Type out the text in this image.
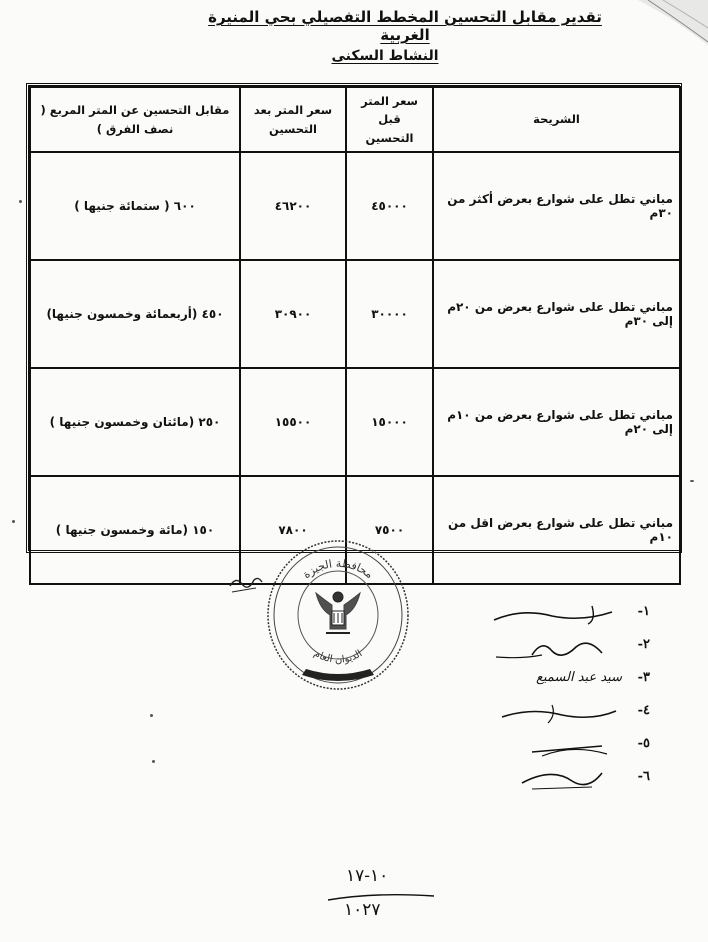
تقدير مقابل التحسين المخطط التفصيلي بحي المنيرة الغربية
النشاط السكنى
الشريحة	سعر المتر قبل التحسين	سعر المتر بعد التحسين	مقابل التحسين عن المتر المربع ( نصف الفرق )
مباني تطل على شوارع بعرض أكثر من ٣٠م	٤٥٠٠٠	٤٦٢٠٠	٦٠٠ ( ستمائة جنيها )
مباني تطل على شوارع بعرض من ٢٠م إلى ٣٠م	٣٠٠٠٠	٣٠٩٠٠	٤٥٠ (أربعمائة وخمسون جنيها)
مباني تطل على شوارع بعرض من ١٠م إلى ٢٠م	١٥٠٠٠	١٥٥٠٠	٢٥٠ (مائتان وخمسون جنيها )
مباني تطل على شوارع بعرض اقل من ١٠م	٧٥٠٠	٧٨٠٠	١٥٠ (مائة وخمسون جنيها )
محافظة الجيزة
الديوان العام
١-
٢-
٣-
سيد عبد السميع
٤-
٥-
٦-
١٠-١٧
١٠٢٧
